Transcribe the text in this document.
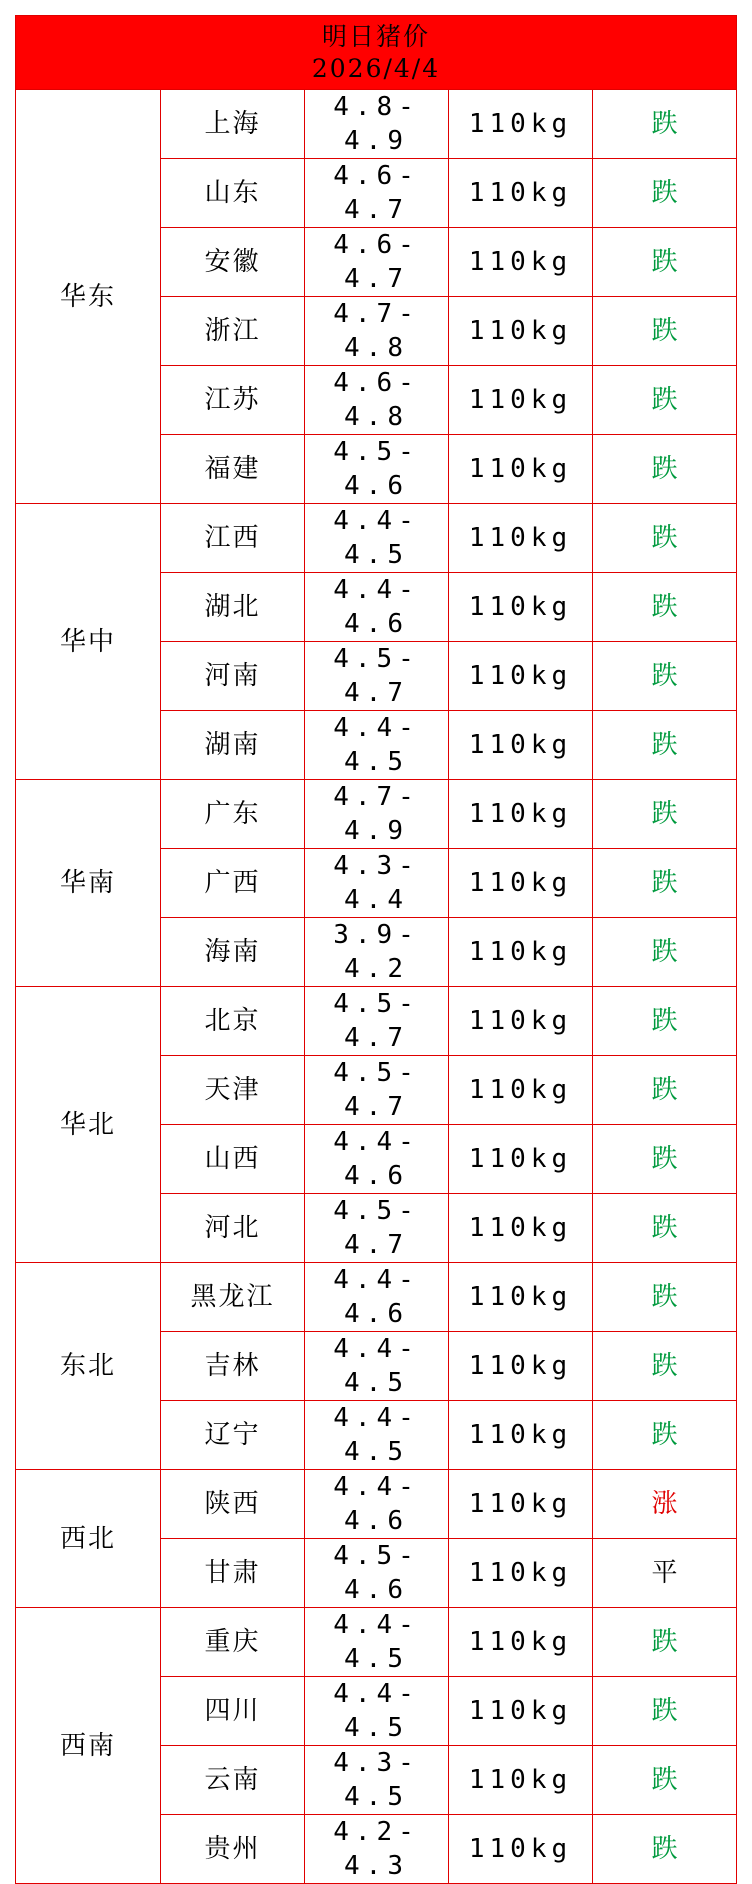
明日猪价
2026/4/4				

华东	上海	4.8-4.9	110kg	跌
	山东	4.6-4.7	110kg	跌
	安徽	4.6-4.7	110kg	跌
	浙江	4.7-4.8	110kg	跌
	江苏	4.6-4.8	110kg	跌
	福建	4.5-4.6	110kg	跌
华中	江西	4.4-4.5	110kg	跌
	湖北	4.4-4.6	110kg	跌
	河南	4.5-4.7	110kg	跌
	湖南	4.4-4.5	110kg	跌
华南	广东	4.7-4.9	110kg	跌
	广西	4.3-4.4	110kg	跌
	海南	3.9-4.2	110kg	跌
华北	北京	4.5-4.7	110kg	跌
	天津	4.5-4.7	110kg	跌
	山西	4.4-4.6	110kg	跌
	河北	4.5-4.7	110kg	跌
东北	黑龙江	4.4-4.6	110kg	跌
	吉林	4.4-4.5	110kg	跌
	辽宁	4.4-4.5	110kg	跌
西北	陕西	4.4-4.6	110kg	涨
	甘肃	4.5-4.6	110kg	平
西南	重庆	4.4-4.5	110kg	跌
	四川	4.4-4.5	110kg	跌
	云南	4.3-4.5	110kg	跌
	贵州	4.2-4.3	110kg	跌
